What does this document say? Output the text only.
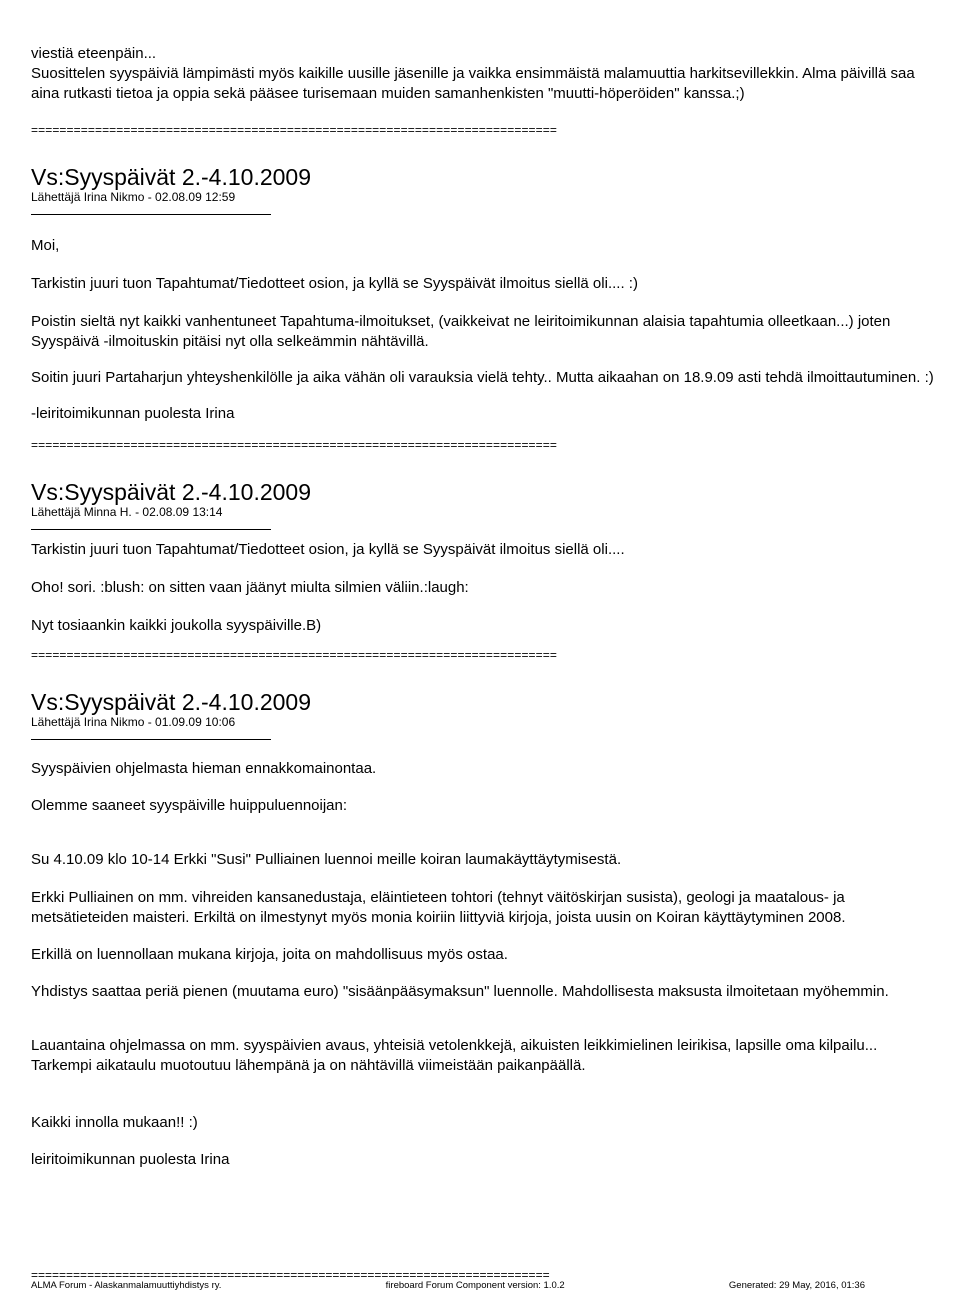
viestiä eteenpäin...

Suosittelen syyspäiviä lämpimästi myös kaikille uusille jäsenille ja vaikka ensimmäistä malamuuttia harkitsevillekkin. Alma päivillä saa

aina rutkasti tietoa ja oppia sekä pääsee turisemaan muiden samanhenkisten "muutti-höperöiden" kanssa.;)

==========================================================================
Vs:Syyspäivät 2.-4.10.2009
Lähettäjä Irina Nikmo - 02.08.09 12:59

Moi,

Tarkistin juuri tuon Tapahtumat/Tiedotteet osion, ja kyllä se Syyspäivät ilmoitus siellä oli.... :)

Poistin sieltä nyt kaikki vanhentuneet Tapahtuma-ilmoitukset, (vaikkeivat ne leiritoimikunnan alaisia tapahtumia olleetkaan...) joten Syyspäivä -ilmoituskin pitäisi nyt olla selkeämmin nähtävillä.

Soitin juuri Partaharjun yhteyshenkilölle ja aika vähän oli varauksia vielä tehty.. Mutta aikaahan on 18.9.09 asti tehdä ilmoittautuminen. :)

-leiritoimikunnan puolesta Irina

==========================================================================
Vs:Syyspäivät 2.-4.10.2009
Lähettäjä Minna H. - 02.08.09 13:14

Tarkistin juuri tuon Tapahtumat/Tiedotteet osion, ja kyllä se Syyspäivät ilmoitus siellä oli....

Oho! sori. :blush: on sitten vaan jäänyt miulta silmien väliin.:laugh:

Nyt tosiaankin kaikki joukolla syyspäiville.B)

==========================================================================
Vs:Syyspäivät 2.-4.10.2009
Lähettäjä Irina Nikmo - 01.09.09 10:06

Syyspäivien ohjelmasta hieman ennakkomainontaa.

Olemme saaneet syyspäiville huippuluennoijan:

Su 4.10.09 klo 10-14 Erkki "Susi" Pulliainen luennoi meille koiran laumakäyttäytymisestä.

Erkki Pulliainen on mm. vihreiden kansanedustaja, eläintieteen tohtori (tehnyt väitöskirjan susista), geologi ja maatalous- ja metsätieteiden maisteri. Erkiltä on ilmestynyt myös monia koiriin liittyviä kirjoja, joista uusin on Koiran käyttäytyminen 2008.

Erkillä on luennollaan mukana kirjoja, joita on mahdollisuus myös ostaa.

Yhdistys saattaa periä pienen (muutama euro) "sisäänpääsymaksun" luennolle. Mahdollisesta maksusta ilmoitetaan myöhemmin.

Lauantaina ohjelmassa on mm. syyspäivien avaus, yhteisiä vetolenkkejä, aikuisten leikkimielinen leirikisa, lapsille oma kilpailu... Tarkempi aikataulu muotoutuu lähempänä ja on nähtävillä viimeistään paikanpäällä.

Kaikki innolla mukaan!! :)

leiritoimikunnan puolesta Irina

==========================================================================
ALMA Forum - Alaskanmalamuuttiyhdistys ry.	fireboard Forum Component version: 1.0.2	Generated: 29 May, 2016, 01:36
